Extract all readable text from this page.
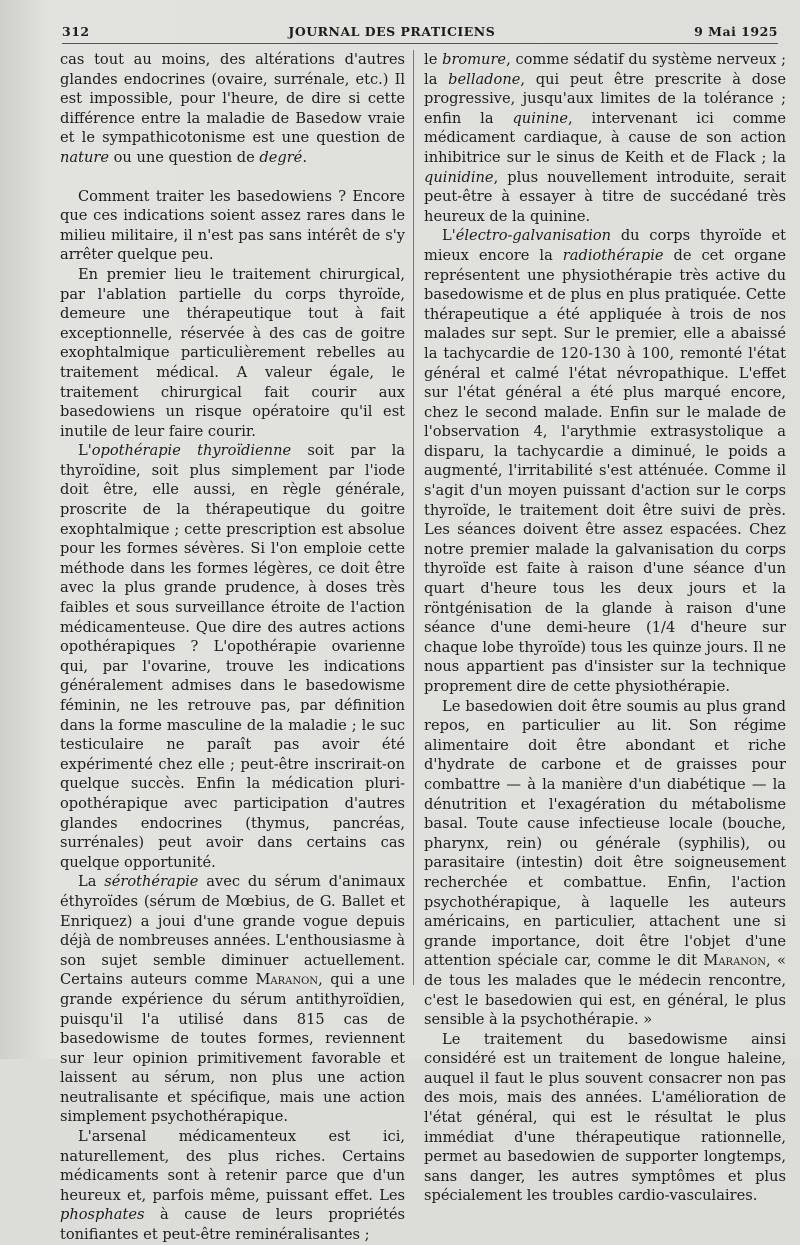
312	JOURNAL DES PRATICIENS	9 Mai 1925

cas tout au moins, des altérations d'autres glandes endocrines (ovaire, surrénale, etc.) Il est impossible, pour l'heure, de dire si cette différence entre la maladie de Basedow vraie et le sympathicotonisme est une question de nature ou une question de degré.

Comment traiter les basedowiens ? Encore que ces indications soient assez rares dans le milieu militaire, il n'est pas sans intérêt de s'y arrêter quelque peu.

En premier lieu le traitement chirurgical, par l'ablation partielle du corps thyroïde, demeure une thérapeutique tout à fait exceptionnelle, réservée à des cas de goitre exophtalmique particulièrement rebelles au traitement médical. A valeur égale, le traitement chirurgical fait courir aux basedowiens un risque opératoire qu'il est inutile de leur faire courir.

L'opothérapie thyroïdienne soit par la thyroïdine, soit plus simplement par l'iode doit être, elle aussi, en règle générale, proscrite de la thérapeutique du goitre exophtalmique ; cette prescription est absolue pour les formes sévères. Si l'on emploie cette méthode dans les formes légères, ce doit être avec la plus grande prudence, à doses très faibles et sous surveillance étroite de l'action médicamenteuse. Que dire des autres actions opothérapiques ? L'opothérapie ovarienne qui, par l'ovarine, trouve les indications généralement admises dans le basedowisme féminin, ne les retrouve pas, par définition dans la forme masculine de la maladie ; le suc testiculaire ne paraît pas avoir été expérimenté chez elle ; peut-être inscrirait-on quelque succès. Enfin la médication pluri-opothérapique avec participation d'autres glandes endocrines (thymus, pancréas, surrénales) peut avoir dans certains cas quelque opportunité.

La sérothérapie avec du sérum d'animaux éthyroïdes (sérum de Mœbius, de G. Ballet et Enriquez) a joui d'une grande vogue depuis déjà de nombreuses années. L'enthousiasme à son sujet semble diminuer actuellement. Certains auteurs comme Maranon, qui a une grande expérience du sérum antithyroïdien, puisqu'il l'a utilisé dans 815 cas de basedowisme de toutes formes, reviennent sur leur opinion primitivement favorable et laissent au sérum, non plus une action neutralisante et spécifique, mais une action simplement psychothérapique.

L'arsenal médicamenteux est ici, naturellement, des plus riches. Certains médicaments sont à retenir parce que d'un heureux et, parfois même, puissant effet. Les phosphates à cause de leurs propriétés tonifiantes et peut-être reminéralisantes ;

le bromure, comme sédatif du système nerveux ; la belladone, qui peut être prescrite à dose progressive, jusqu'aux limites de la tolérance ; enfin la quinine, intervenant ici comme médicament cardiaque, à cause de son action inhibitrice sur le sinus de Keith et de Flack ; la quinidine, plus nouvellement introduite, serait peut-être à essayer à titre de succédané très heureux de la quinine.

L'électro-galvanisation du corps thyroïde et mieux encore la radiothérapie de cet organe représentent une physiothérapie très active du basedowisme et de plus en plus pratiquée. Cette thérapeutique a été appliquée à trois de nos malades sur sept. Sur le premier, elle a abaissé la tachycardie de 120-130 à 100, remonté l'état général et calmé l'état névropathique. L'effet sur l'état général a été plus marqué encore, chez le second malade. Enfin sur le malade de l'observation 4, l'arythmie extrasystolique a disparu, la tachycardie a diminué, le poids a augmenté, l'irritabilité s'est atténuée. Comme il s'agit d'un moyen puissant d'action sur le corps thyroïde, le traitement doit être suivi de près. Les séances doivent être assez espacées. Chez notre premier malade la galvanisation du corps thyroïde est faite à raison d'une séance d'un quart d'heure tous les deux jours et la röntgénisation de la glande à raison d'une séance d'une demi-heure (1/4 d'heure sur chaque lobe thyroïde) tous les quinze jours. Il ne nous appartient pas d'insister sur la technique proprement dire de cette physiothérapie.

Le basedowien doit être soumis au plus grand repos, en particulier au lit. Son régime alimentaire doit être abondant et riche d'hydrate de carbone et de graisses pour combattre — à la manière d'un diabétique — la dénutrition et l'exagération du métabolisme basal. Toute cause infectieuse locale (bouche, pharynx, rein) ou générale (syphilis), ou parasitaire (intestin) doit être soigneusement recherchée et combattue. Enfin, l'action psychothérapique, à laquelle les auteurs américains, en particulier, attachent une si grande importance, doit être l'objet d'une attention spéciale car, comme le dit Maranon, « de tous les malades que le médecin rencontre, c'est le basedowien qui est, en général, le plus sensible à la psychothérapie. »

Le traitement du basedowisme ainsi considéré est un traitement de longue haleine, auquel il faut le plus souvent consacrer non pas des mois, mais des années. L'amélioration de l'état général, qui est le résultat le plus immédiat d'une thérapeutique rationnelle, permet au basedowien de supporter longtemps, sans danger, les autres symptômes et plus spécialement les troubles cardio-vasculaires.
